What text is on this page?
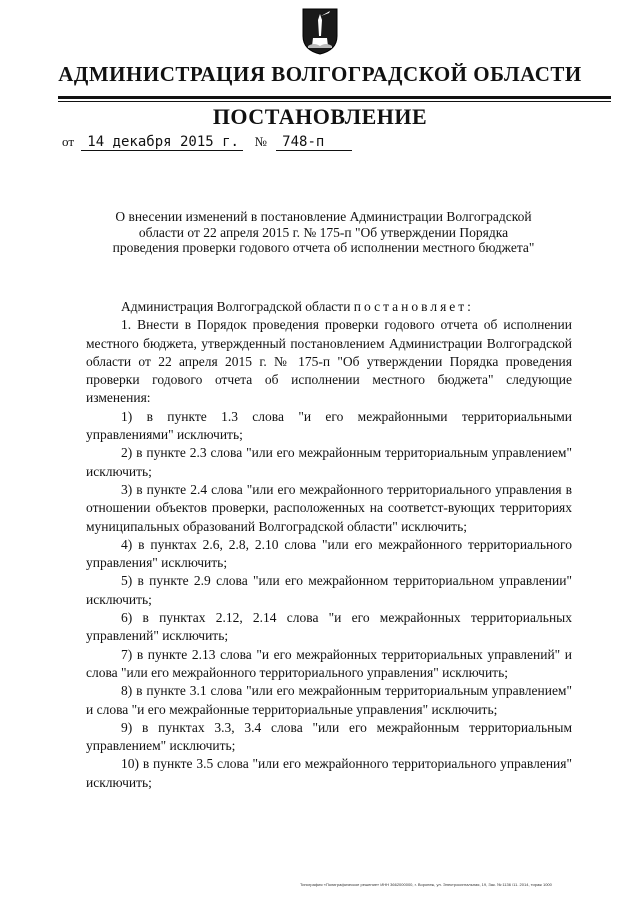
АДМИНИСТРАЦИЯ ВОЛГОГРАДСКОЙ ОБЛАСТИ
ПОСТАНОВЛЕНИЕ
от 14 декабря 2015 г. № 748-п
О внесении изменений в постановление Администрации Волгоградской
области от 22 апреля 2015 г. № 175-п "Об утверждении Порядка
проведения проверки годового отчета об исполнении местного бюджета"

Администрация Волгоградской области постановляет:

1. Внести в Порядок проведения проверки годового отчета об исполнении местного бюджета, утвержденный постановлением Администрации Волгоградской области от 22 апреля 2015 г. № 175-п "Об утверждении Порядка проведения проверки годового отчета об исполнении местного бюджета" следующие изменения:

1) в пункте 1.3 слова "и его межрайонными территориальными управлениями" исключить;

2) в пункте 2.3 слова "или его межрайонным территориальным управлением" исключить;

3) в пункте 2.4 слова "или его межрайонного территориального управления в отношении объектов проверки, расположенных на соответст-вующих территориях муниципальных образований Волгоградской области" исключить;

4) в пунктах 2.6, 2.8, 2.10 слова "или его межрайонного территориального управления" исключить;

5) в пункте 2.9 слова "или его межрайонном территориальном управлении" исключить;

6) в пунктах 2.12, 2.14 слова "и его межрайонных территориальных управлений" исключить;

7) в пункте 2.13 слова "и его межрайонных территориальных управлений" и слова "или его межрайонного территориального управления" исключить;

8) в пункте 3.1 слова "или его межрайонным территориальным управлением" и слова "и его межрайонные территориальные управления" исключить;

9) в пунктах 3.3, 3.4 слова "или его межрайонным территориальным управлением" исключить;

10) в пункте 3.5 слова "или его межрайонного территориального управления" исключить;

Типография «Полиграфическое решение» ИНН 3662000000, г. Воронеж, ул. Электросигнальная, 19, Зак. № 1136 /11. 2014, тираж 1000
